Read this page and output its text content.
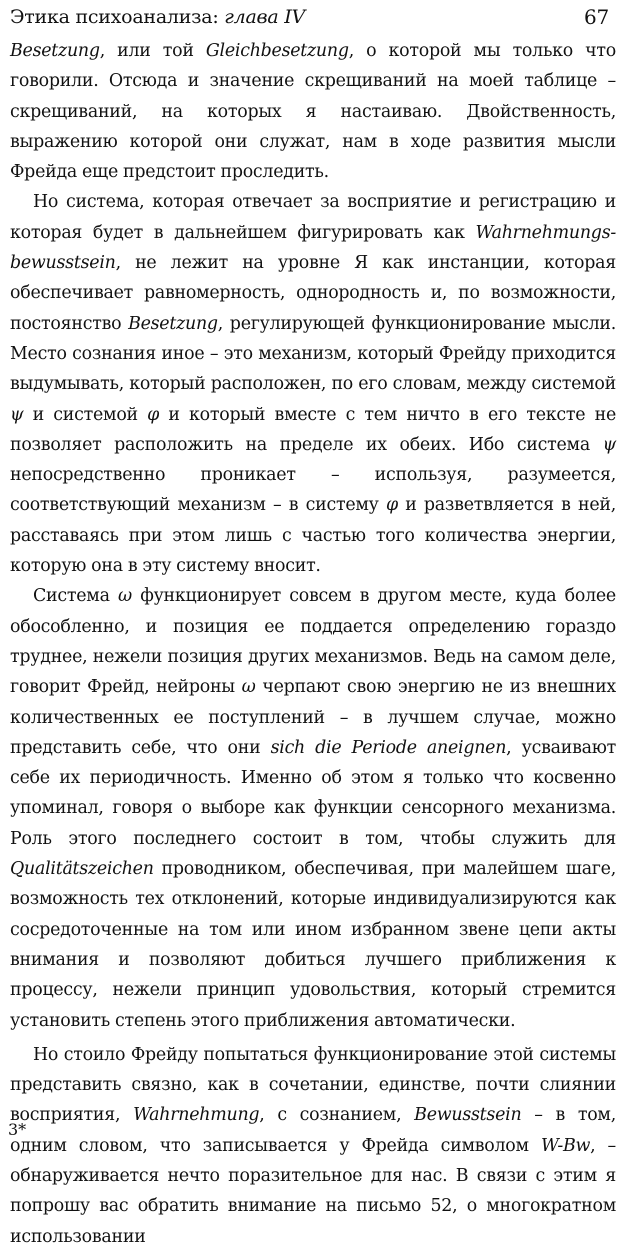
Этика психоанализа: глава IV	67

Besetzung, или той Gleichbesetzung, о которой мы только что говорили. Отсюда и значение скрещиваний на моей таблице – скрещиваний, на которых я настаиваю. Двойственность, выражению которой они служат, нам в ходе развития мысли Фрейда еще предстоит проследить.

Но система, которая отвечает за восприятие и регистрацию и которая будет в дальнейшем фигурировать как Wahrnehmungs-bewusstsein, не лежит на уровне Я как инстанции, которая обеспечивает равномерность, однородность и, по возможности, постоянство Besetzung, регулирующей функционирование мысли. Место сознания иное – это механизм, который Фрейду приходится выдумывать, который расположен, по его словам, между системой ψ и системой φ и который вместе с тем ничто в его тексте не позволяет расположить на пределе их обеих. Ибо система ψ непосредственно проникает – используя, разумеется, соответствующий механизм – в систему φ и разветвляется в ней, расставаясь при этом лишь с частью того количества энергии, которую она в эту систему вносит.

Система ω функционирует совсем в другом месте, куда более обособленно, и позиция ее поддается определению гораздо труднее, нежели позиция других механизмов. Ведь на самом деле, говорит Фрейд, нейроны ω черпают свою энергию не из внешних количественных ее поступлений – в лучшем случае, можно представить себе, что они sich die Periode aneignen, усваивают себе их периодичность. Именно об этом я только что косвенно упоминал, говоря о выборе как функции сенсорного механизма. Роль этого последнего состоит в том, чтобы служить для Qualitätszeichen проводником, обеспечивая, при малейшем шаге, возможность тех отклонений, которые индивидуализируются как сосредоточенные на том или ином избранном звене цепи акты внимания и позволяют добиться лучшего приближения к процессу, нежели принцип удовольствия, который стремится установить степень этого приближения автоматически.

Но стоило Фрейду попытаться функционирование этой системы представить связно, как в сочетании, единстве, почти слиянии восприятия, Wahrnehmung, с сознанием, Bewusstsein – в том, одним словом, что записывается у Фрейда символом W-Bw, – обнаруживается нечто поразительное для нас. В связи с этим я попрошу вас обратить внимание на письмо 52, о многократном использовании

3*
